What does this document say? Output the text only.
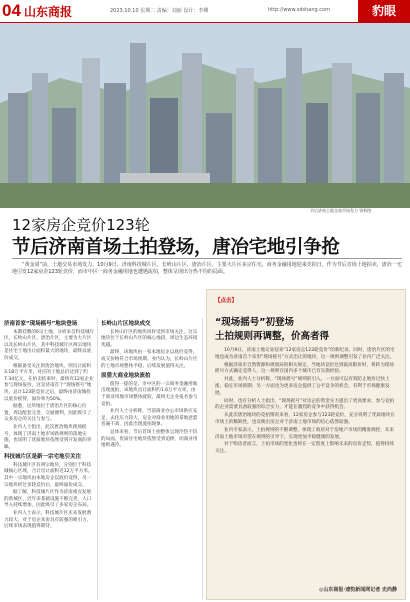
04 山东商报	2023.10.10 星期二 责编：刘丽 设计：李卿	http://www.sdshang.com	豹眼
节后济南土地交易市场发力 资料图
12家房企竞价123轮
节后济南首场土拍登场，唐冶宅地引争抢
“黄金周”前，土地交易市场发力。10月9日，济南科技城片区、长岭山片区、唐冶片区、主要大片区多宗住宅、商务金融用地迎来竞拍日，作为节后首场土地拍卖，唐冶一宅地引发12家房企123轮竞价，而市中区一商务金融用地也遭遇流拍，整体呈现出分热不均的局面。
济南首家“现场摇号”地块登场
本期挂牌的6宗土地，分析来自科技城片区、长岭山片区、唐冶片区，主要为大片区以及长岭山片区，其中科技城片区两宗地块是住宅土地出让面积最大的地块，最终以底价成交。
根据备受关注的唐冶地块，则出让面积3.18万平方米，对应的土地总价达到了约7.34亿元，在拍卖结束时，最终有12家企业参与现场报价，这是济南首个“现场摇号”地块，总计123轮竞价之后，最终由济南城投以底价摇得，溢价率为50%。
据悉，这块地位于唐冶片区的核心位置，周边配套完善，交通便利，因此吸引了众多房企的关注与参与。
业内人士指出，此次唐冶地块现场摇号，体现了济南土地市场新规则的落地实施，也说明了优质地块依然受到开发商的青睐。
科技城片区是新一宗宅地引关注
科技城片区有两宗地块，分别位于科技城核心区域，合计出让面积近12万平方米。其中一宗地块由本地房企以底价竞得，另一宗地块经过多轮竞价后，最终溢价成交。
据了解，科技城片区作为济南重点发展的新城区，近年来基础设施不断完善，人口导入持续增加，因此吸引了多家房企布局。
业内人士表示，科技城片区未来发展潜力较大，对于房企来说具有较强的吸引力，后续市场表现值得期待。
长岭山片区地块成交
长岭山片区的地块同样受到市场关注，这宗地块位于长岭山片区的核心地段，周边生态环境优越。
最终，该地块由一家本地房企以底价竞得，成交价格符合市场预期。业内认为，长岭山片区的土地市场整体平稳，后续发展值得关注。
原猎大商业地块流拍
值得一提的是，市中区的一宗商务金融用地出现流拍，该地块出让面积约1.6万平方米，由于商业用地市场整体疲软，最终无企业报名参与竞拍。
业内人士分析称，当前商业办公市场供应充足，去化压力较大，房企对商业用地的拿地意愿普遍不高，因此出现流拍现象。
总体来看，节后首场土拍整体呈现冷热不均的局面，优质住宅地块依然受到追捧，而商业用地则遇冷。
【点击】
“现场摇号”初登场
土拍规则再调整，价高者得
10月9日，济南土地交易迎来“12家房企123轮竞价”的新纪录，同时，唐冶片区的宅地也成为济南首个采用“现场摇号”方式出让的地块，这一规则调整引发了业内广泛关注。
根据济南市自然资源和规划局的相关规定，当地块竞价达到最高限价时，将转为现场摇号方式确定竞得人，这一规则在国内多个城市已有实施经验。
对此，业内人士分析称，“现场摇号”规则的引入，一方面可以有效防止地价过快上涨，稳定市场预期；另一方面也为更多房企提供了公平竞争的机会，有利于市场健康发展。
同时，也有分析人士指出，“现场摇号”对房企的资金实力提出了更高要求，参与竞拍的企业需要具备较强的综合实力，才能在激烈的竞争中获得机会。
从此次唐冶地块的竞拍情况来看，12家房企参与123轮竞价，充分说明了优质地块在市场上的稀缺性，也反映出房企对于济南土地市场的信心依然较强。
业内专家表示，土拍规则的不断调整，体现了政府对于房地产市场的精准调控，未来济南土地市场有望在规则的引导下，实现更加平稳健康的发展。
对于购房者而言，土拍市场的变化也将在一定程度上影响未来的房价走势，值得持续关注。
◎山东商报·速豹新闻网记者 史尚静
